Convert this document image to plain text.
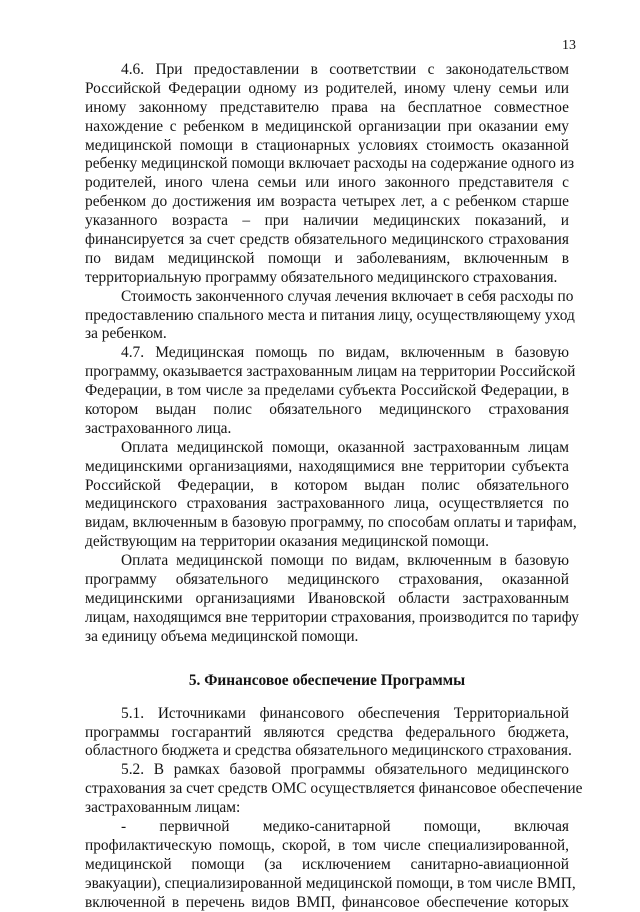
13
4.6. При предоставлении в соответствии с законодательством
Российской Федерации одному из родителей, иному члену семьи или
иному законному представителю права на бесплатное совместное
нахождение с ребенком в медицинской организации при оказании ему
медицинской помощи в стационарных условиях стоимость оказанной
ребенку медицинской помощи включает расходы на содержание одного из
родителей, иного члена семьи или иного законного представителя с
ребенком до достижения им возраста четырех лет, а с ребенком старше
указанного возраста – при наличии медицинских показаний, и
финансируется за счет средств обязательного медицинского страхования
по видам медицинской помощи и заболеваниям, включенным в
территориальную программу обязательного медицинского страхования.
Стоимость законченного случая лечения включает в себя расходы по
предоставлению спального места и питания лицу, осуществляющему уход
за ребенком.
4.7. Медицинская помощь по видам, включенным в базовую
программу, оказывается застрахованным лицам на территории Российской
Федерации, в том числе за пределами субъекта Российской Федерации, в
котором выдан полис обязательного медицинского страхования
застрахованного лица.
Оплата медицинской помощи, оказанной застрахованным лицам
медицинскими организациями, находящимися вне территории субъекта
Российской Федерации, в котором выдан полис обязательного
медицинского страхования застрахованного лица, осуществляется по
видам, включенным в базовую программу, по способам оплаты и тарифам,
действующим на территории оказания медицинской помощи.
Оплата медицинской помощи по видам, включенным в базовую
программу обязательного медицинского страхования, оказанной
медицинскими организациями Ивановской области застрахованным
лицам, находящимся вне территории страхования, производится по тарифу
за единицу объема медицинской помощи.
5. Финансовое обеспечение Программы
5.1. Источниками финансового обеспечения Территориальной
программы госгарантий являются средства федерального бюджета,
областного бюджета и средства обязательного медицинского страхования.
5.2. В рамках базовой программы обязательного медицинского
страхования за счет средств ОМС осуществляется финансовое обеспечение
застрахованным лицам:
- первичной медико-санитарной помощи, включая
профилактическую помощь, скорой, в том числе специализированной,
медицинской помощи (за исключением санитарно-авиационной
эвакуации), специализированной медицинской помощи, в том числе ВМП,
включенной в перечень видов ВМП, финансовое обеспечение которых
